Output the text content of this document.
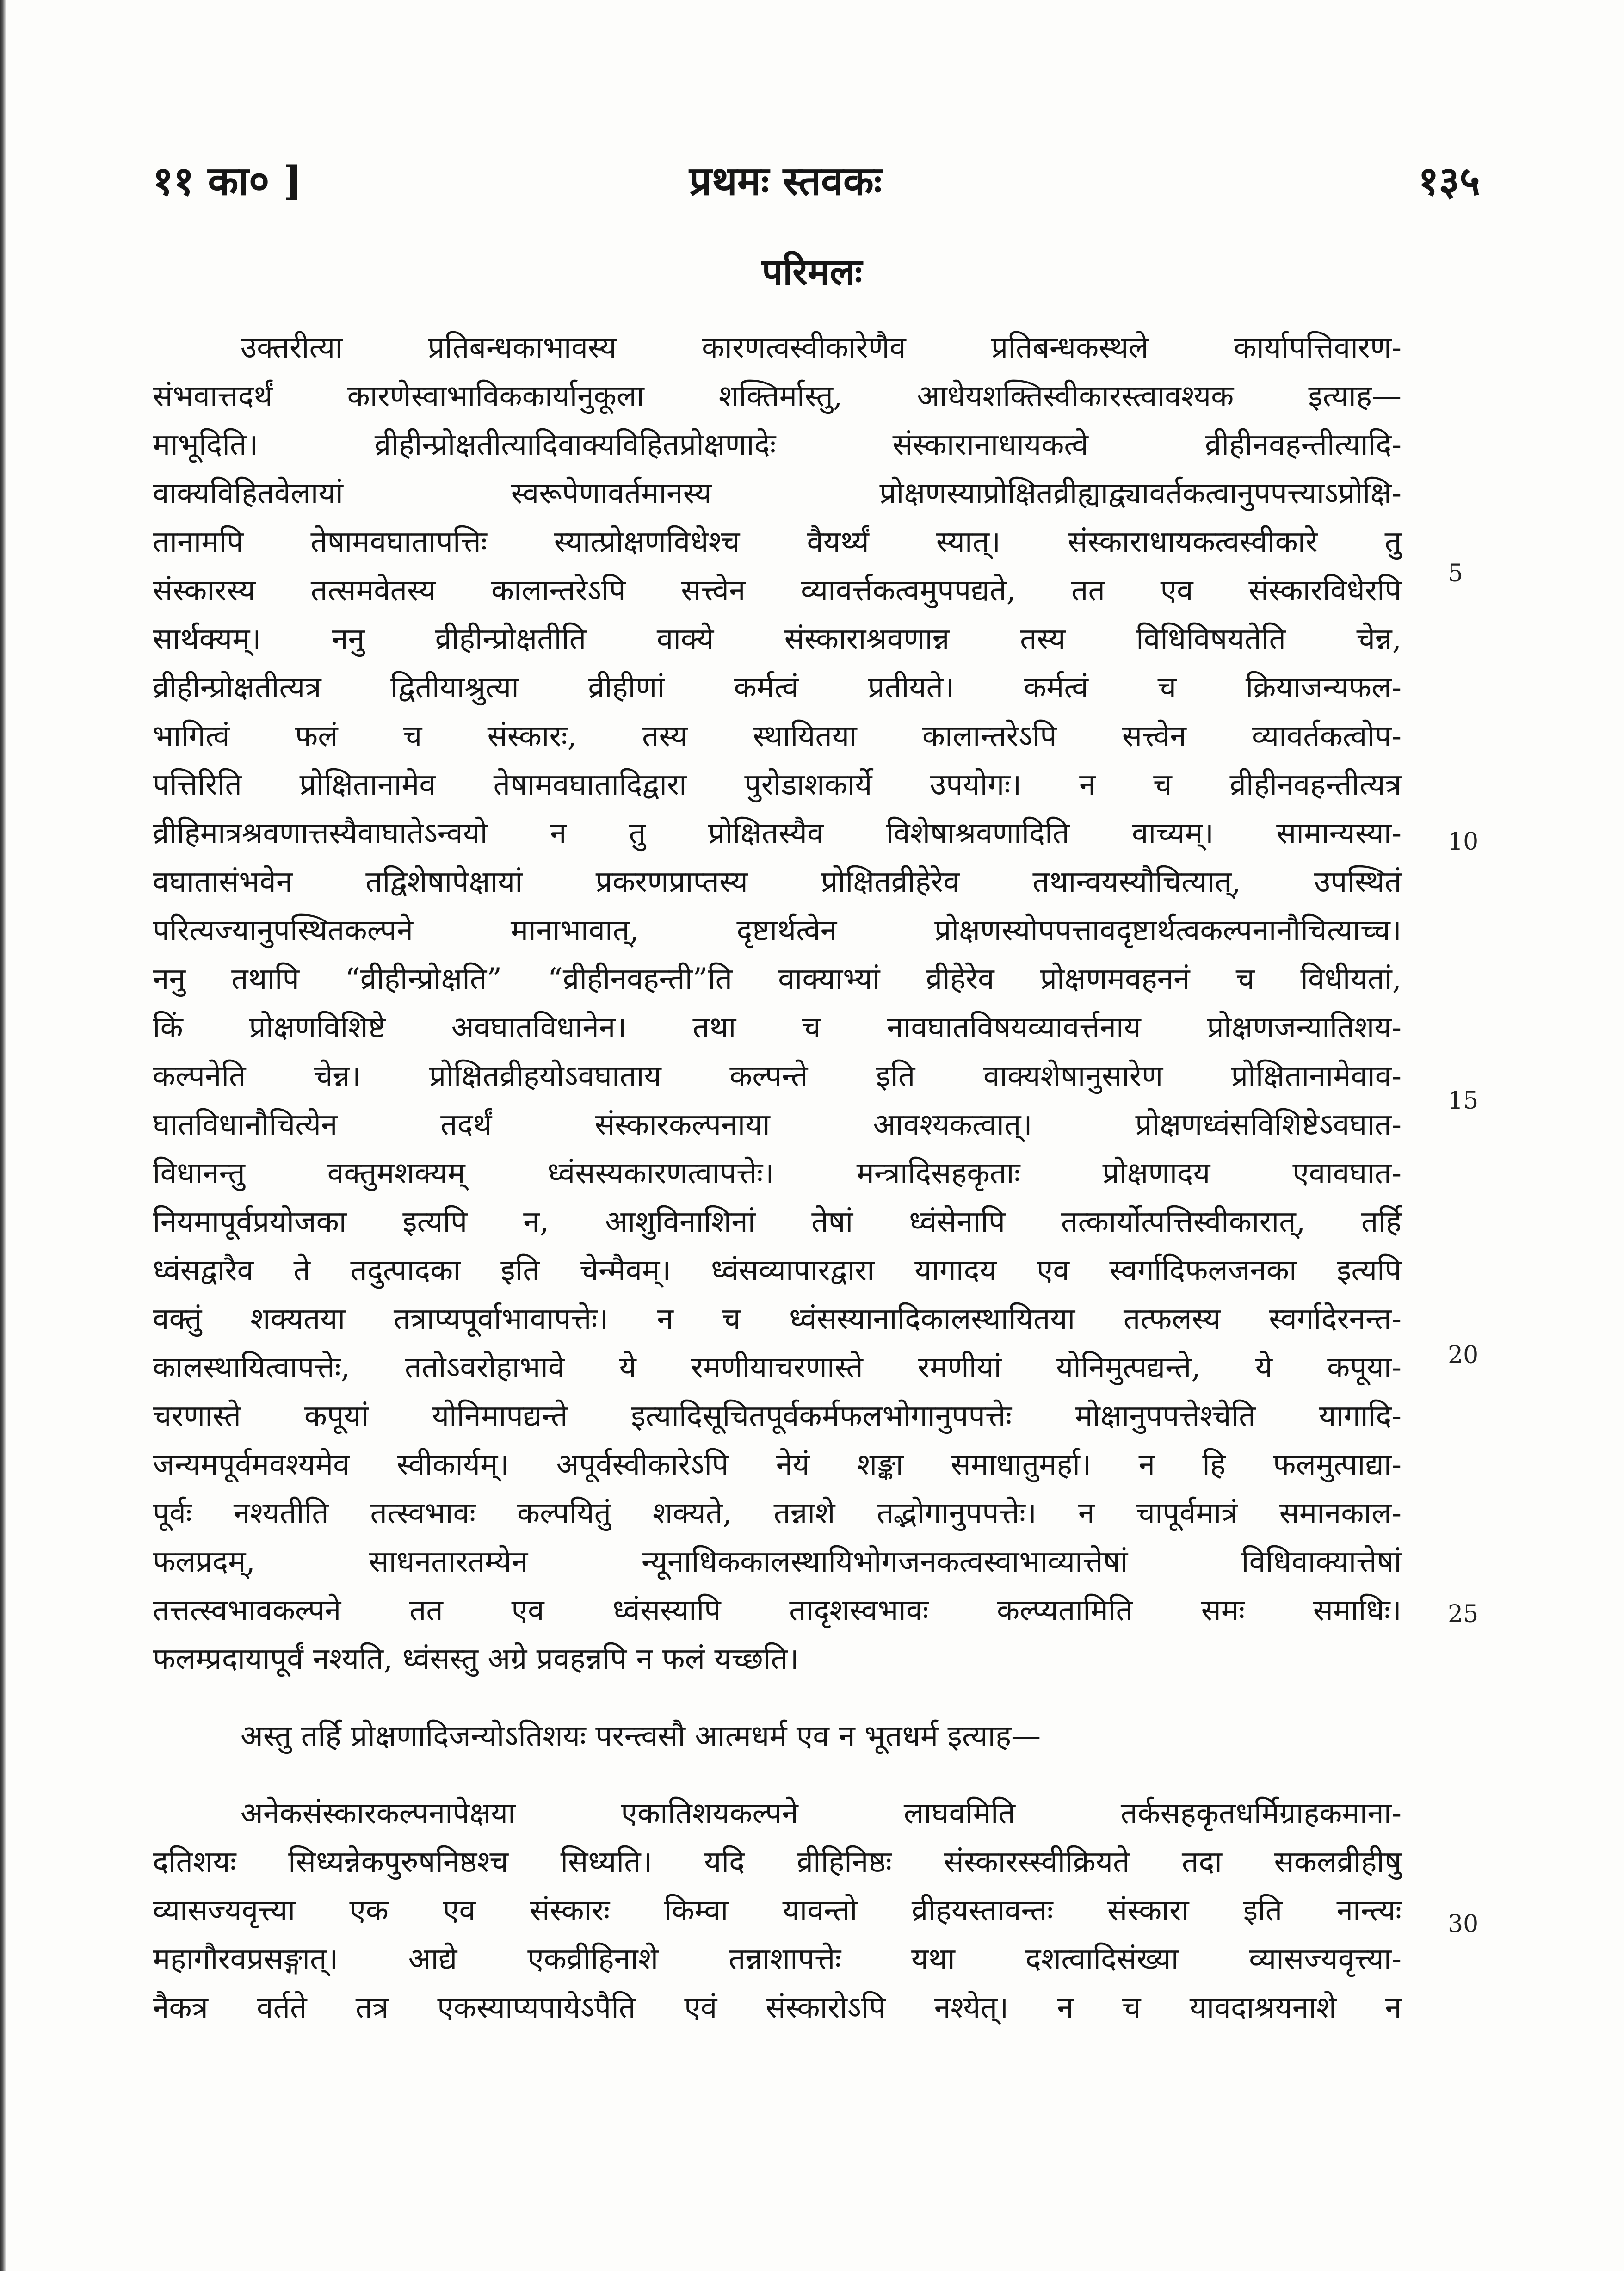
११ का० ]	प्रथमः स्तवकः	१३५
परिमलः
उक्तरीत्या प्रतिबन्धकाभावस्य कारणत्वस्वीकारेणैव प्रतिबन्धकस्थले कार्यापत्तिवारण-
संभवात्तदर्थं कारणेस्वाभाविककार्यानुकूला शक्तिर्मास्तु, आधेयशक्तिस्वीकारस्त्वावश्यक इत्याह—
माभूदिति। व्रीहीन्प्रोक्षतीत्यादिवाक्यविहितप्रोक्षणादेः संस्कारानाधायकत्वे व्रीहीनवहन्तीत्यादि-
वाक्यविहितवेलायां स्वरूपेणावर्तमानस्य प्रोक्षणस्याप्रोक्षितव्रीह्याद्व्यावर्तकत्वानुपपत्त्याऽप्रोक्षि-
तानामपि तेषामवघातापत्तिः स्यात्प्रोक्षणविधेश्च वैयर्थ्यं स्यात्। संस्काराधायकत्वस्वीकारे तु
संस्कारस्य तत्समवेतस्य कालान्तरेऽपि सत्त्वेन व्यावर्त्तकत्वमुपपद्यते, तत एव संस्कारविधेरपि
सार्थक्यम्। ननु व्रीहीन्प्रोक्षतीति वाक्ये संस्काराश्रवणान्न तस्य विधिविषयतेति चेन्न,
व्रीहीन्प्रोक्षतीत्यत्र द्वितीयाश्रुत्या व्रीहीणां कर्मत्वं प्रतीयते। कर्मत्वं च क्रियाजन्यफल-
भागित्वं फलं च संस्कारः, तस्य स्थायितया कालान्तरेऽपि सत्त्वेन व्यावर्तकत्वोप-
पत्तिरिति प्रोक्षितानामेव तेषामवघातादिद्वारा पुरोडाशकार्ये उपयोगः। न च व्रीहीनवहन्तीत्यत्र
व्रीहिमात्रश्रवणात्तस्यैवाघातेऽन्वयो न तु प्रोक्षितस्यैव विशेषाश्रवणादिति वाच्यम्। सामान्यस्या-
वघातासंभवेन तद्विशेषापेक्षायां प्रकरणप्राप्तस्य प्रोक्षितव्रीहेरेव तथान्वयस्यौचित्यात्, उपस्थितं
परित्यज्यानुपस्थितकल्पने मानाभावात्, दृष्टार्थत्वेन प्रोक्षणस्योपपत्तावदृष्टार्थत्वकल्पनानौचित्याच्च।
ननु तथापि “व्रीहीन्प्रोक्षति” “व्रीहीनवहन्ती”ति वाक्याभ्यां व्रीहेरेव प्रोक्षणमवहननं च विधीयतां,
किं प्रोक्षणविशिष्टे अवघातविधानेन। तथा च नावघातविषयव्यावर्त्तनाय प्रोक्षणजन्यातिशय-
कल्पनेति चेन्न। प्रोक्षितव्रीहयोऽवघाताय कल्पन्ते इति वाक्यशेषानुसारेण प्रोक्षितानामेवाव-
घातविधानौचित्येन तदर्थं संस्कारकल्पनाया आवश्यकत्वात्। प्रोक्षणध्वंसविशिष्टेऽवघात-
विधानन्तु वक्तुमशक्यम् ध्वंसस्यकारणत्वापत्तेः। मन्त्रादिसहकृताः प्रोक्षणादय एवावघात-
नियमापूर्वप्रयोजका इत्यपि न, आशुविनाशिनां तेषां ध्वंसेनापि तत्कार्योत्पत्तिस्वीकारात्, तर्हि
ध्वंसद्वारैव ते तदुत्पादका इति चेन्मैवम्। ध्वंसव्यापारद्वारा यागादय एव स्वर्गादिफलजनका इत्यपि
वक्तुं शक्यतया तत्राप्यपूर्वाभावापत्तेः। न च ध्वंसस्यानादिकालस्थायितया तत्फलस्य स्वर्गादेरनन्त-
कालस्थायित्वापत्तेः, ततोऽवरोहाभावे ये रमणीयाचरणास्ते रमणीयां योनिमुत्पद्यन्ते, ये कपूया-
चरणास्ते कपूयां योनिमापद्यन्ते इत्यादिसूचितपूर्वकर्मफलभोगानुपपत्तेः मोक्षानुपपत्तेश्चेति यागादि-
जन्यमपूर्वमवश्यमेव स्वीकार्यम्। अपूर्वस्वीकारेऽपि नेयं शङ्का समाधातुमर्हा। न हि फलमुत्पाद्या-
पूर्वः नश्यतीति तत्स्वभावः कल्पयितुं शक्यते, तन्नाशे तद्भोगानुपपत्तेः। न चापूर्वमात्रं समानकाल-
फलप्रदम्, साधनतारतम्येन न्यूनाधिककालस्थायिभोगजनकत्वस्वाभाव्यात्तेषां विधिवाक्यात्तेषां
तत्तत्स्वभावकल्पने तत एव ध्वंसस्यापि तादृशस्वभावः कल्प्यतामिति समः समाधिः।
फलम्प्रदायापूर्वं नश्यति, ध्वंसस्तु अग्रे प्रवहन्नपि न फलं यच्छति।
अस्तु तर्हि प्रोक्षणादिजन्योऽतिशयः परन्त्वसौ आत्मधर्म एव न भूतधर्म इत्याह—
अनेकसंस्कारकल्पनापेक्षया एकातिशयकल्पने लाघवमिति तर्कसहकृतधर्मिग्राहकमाना-
दतिशयः सिध्यन्नेकपुरुषनिष्ठश्च सिध्यति। यदि व्रीहिनिष्ठः संस्कारस्स्वीक्रियते तदा सकलव्रीहीषु
व्यासज्यवृत्त्या एक एव संस्कारः किम्वा यावन्तो व्रीहयस्तावन्तः संस्कारा इति नान्त्यः
महागौरवप्रसङ्गात्। आद्ये एकव्रीहिनाशे तन्नाशापत्तेः यथा दशत्वादिसंख्या व्यासज्यवृत्त्या-
नैकत्र वर्तते तत्र एकस्याप्यपायेऽपैति एवं संस्कारोऽपि नश्येत्। न च यावदाश्रयनाशे न
5
10
15
20
25
30
